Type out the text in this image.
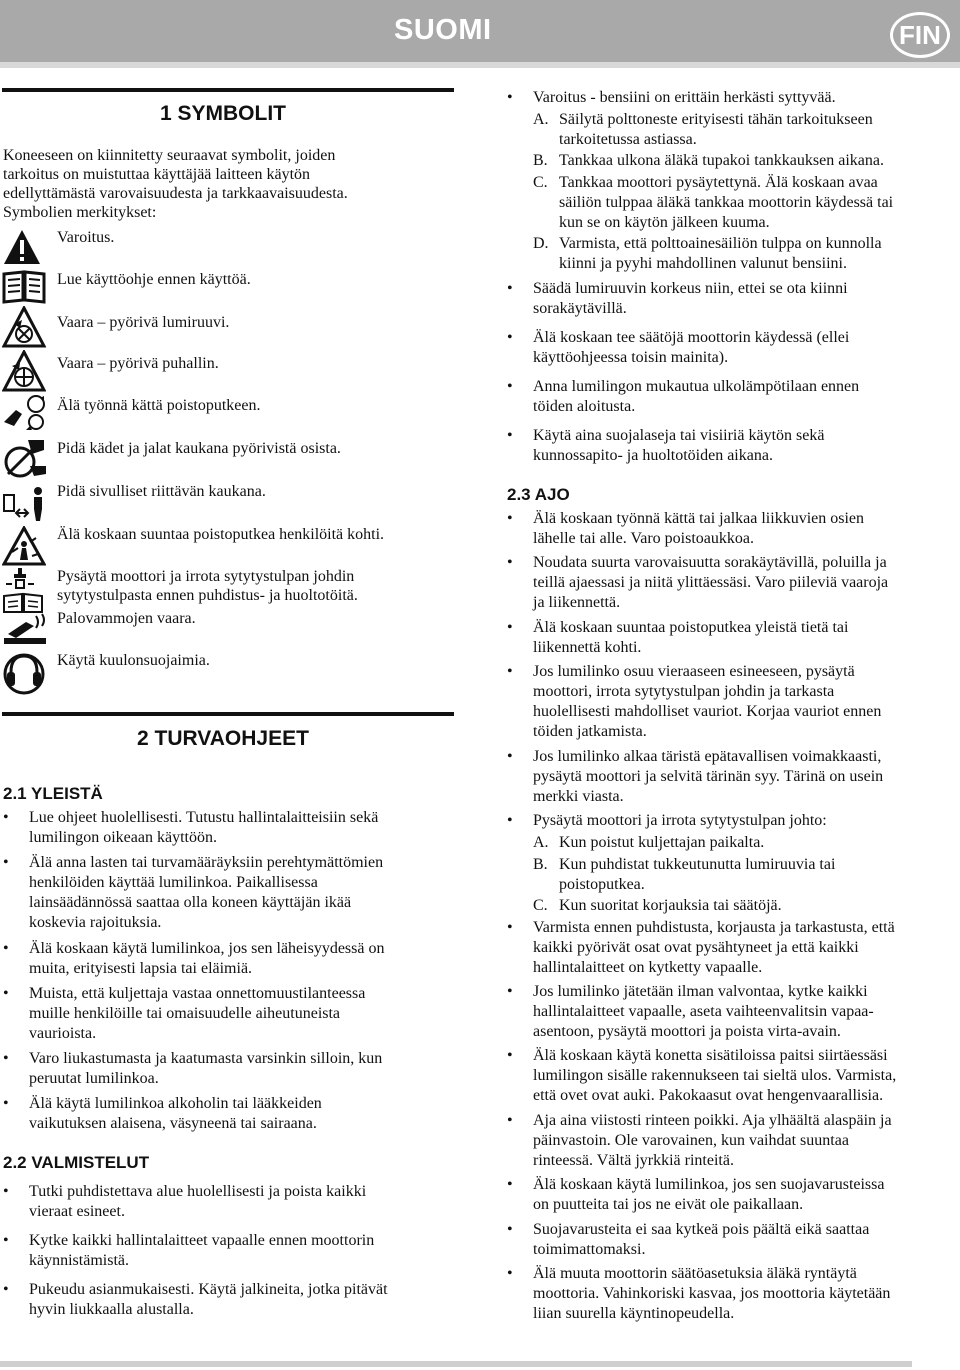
SUOMI	FIN
1 SYMBOLIT
Koneeseen on kiinnitetty seuraavat symbolit, joiden
tarkoitus on muistuttaa käyttäjää laitteen käytön
edellyttämästä varovaisuudesta ja tarkkaavaisuudesta.
Symbolien merkitykset:
Varoitus.
Lue käyttöohje ennen käyttöä.
Vaara – pyörivä lumiruuvi.
Vaara – pyörivä puhallin.
Älä työnnä kättä poistoputkeen.
Pidä kädet ja jalat kaukana pyörivistä osista.
Pidä sivulliset riittävän kaukana.
Älä koskaan suuntaa poistoputkea henkilöitä kohti.
Pysäytä moottori ja irrota sytytystulpan johdin
sytytystulpasta ennen puhdistus- ja huoltotöitä.
Palovammojen vaara.
Käytä kuulonsuojaimia.
2 TURVAOHJEET
2.1 YLEISTÄ
• Lue ohjeet huolellisesti. Tutustu hallintalaitteisiin sekä
lumilingon oikeaan käyttöön.
• Älä anna lasten tai turvamääräyksiin perehtymättömien
henkilöiden käyttää lumilinkoa. Paikallisessa
lainsäädännössä saattaa olla koneen käyttäjän ikää
koskevia rajoituksia.
• Älä koskaan käytä lumilinkoa, jos sen läheisyydessä on
muita, erityisesti lapsia tai eläimiä.
• Muista, että kuljettaja vastaa onnettomuustilanteessa
muille henkilöille tai omaisuudelle aiheutuneista
vaurioista.
• Varo liukastumasta ja kaatumasta varsinkin silloin, kun
peruutat lumilinkoa.
• Älä käytä lumilinkoa alkoholin tai lääkkeiden
vaikutuksen alaisena, väsyneenä tai sairaana.
2.2 VALMISTELUT
• Tutki puhdistettava alue huolellisesti ja poista kaikki
vieraat esineet.
• Kytke kaikki hallintalaitteet vapaalle ennen moottorin
käynnistämistä.
• Pukeudu asianmukaisesti. Käytä jalkineita, jotka pitävät
hyvin liukkaalla alustalla.
• Varoitus - bensiini on erittäin herkästi syttyvää.
A. Säilytä polttoneste erityisesti tähän tarkoitukseen
tarkoitetussa astiassa.
B. Tankkaa ulkona äläkä tupakoi tankkauksen aikana.
C. Tankkaa moottori pysäytettynä. Älä koskaan avaa
säiliön tulppaa äläkä tankkaa moottorin käydessä tai
kun se on käytön jälkeen kuuma.
D. Varmista, että polttoainesäiliön tulppa on kunnolla
kiinni ja pyyhi mahdollinen valunut bensiini.
• Säädä lumiruuvin korkeus niin, ettei se ota kiinni
sorakäytävillä.
• Älä koskaan tee säätöjä moottorin käydessä (ellei
käyttöohjeessa toisin mainita).
• Anna lumilingon mukautua ulkolämpötilaan ennen
töiden aloitusta.
• Käytä aina suojalaseja tai visiiriä käytön sekä
kunnossapito- ja huoltotöiden aikana.
2.3 AJO
• Älä koskaan työnnä kättä tai jalkaa liikkuvien osien
lähelle tai alle. Varo poistoaukkoa.
• Noudata suurta varovaisuutta sorakäytävillä, poluilla ja
teillä ajaessasi ja niitä ylittäessäsi. Varo piileviä vaaroja
ja liikennettä.
• Älä koskaan suuntaa poistoputkea yleistä tietä tai
liikennettä kohti.
• Jos lumilinko osuu vieraaseen esineeseen, pysäytä
moottori, irrota sytytystulpan johdin ja tarkasta
huolellisesti mahdolliset vauriot. Korjaa vauriot ennen
töiden jatkamista.
• Jos lumilinko alkaa täristä epätavallisen voimakkaasti,
pysäytä moottori ja selvitä tärinän syy. Tärinä on usein
merkki viasta.
• Pysäytä moottori ja irrota sytytystulpan johto:
A. Kun poistut kuljettajan paikalta.
B. Kun puhdistat tukkeutunutta lumiruuvia tai
poistoputkea.
C. Kun suoritat korjauksia tai säätöjä.
• Varmista ennen puhdistusta, korjausta ja tarkastusta, että
kaikki pyörivät osat ovat pysähtyneet ja että kaikki
hallintalaitteet on kytketty vapaalle.
• Jos lumilinko jätetään ilman valvontaa, kytke kaikki
hallintalaitteet vapaalle, aseta vaihteenvalitsin vapaa-
asentoon, pysäytä moottori ja poista virta-avain.
• Älä koskaan käytä konetta sisätiloissa paitsi siirtäessäsi
lumilingon sisälle rakennukseen tai sieltä ulos. Varmista,
että ovet ovat auki. Pakokaasut ovat hengenvaarallisia.
• Aja aina viistosti rinteen poikki. Aja ylhäältä alaspäin ja
päinvastoin. Ole varovainen, kun vaihdat suuntaa
rinteessä. Vältä jyrkkiä rinteitä.
• Älä koskaan käytä lumilinkoa, jos sen suojavarusteissa
on puutteita tai jos ne eivät ole paikallaan.
• Suojavarusteita ei saa kytkeä pois päältä eikä saattaa
toimimattomaksi.
• Älä muuta moottorin säätöasetuksia äläkä ryntäytä
moottoria. Vahinkoriski kasvaa, jos moottoria käytetään
liian suurella käyntinopeudella.
